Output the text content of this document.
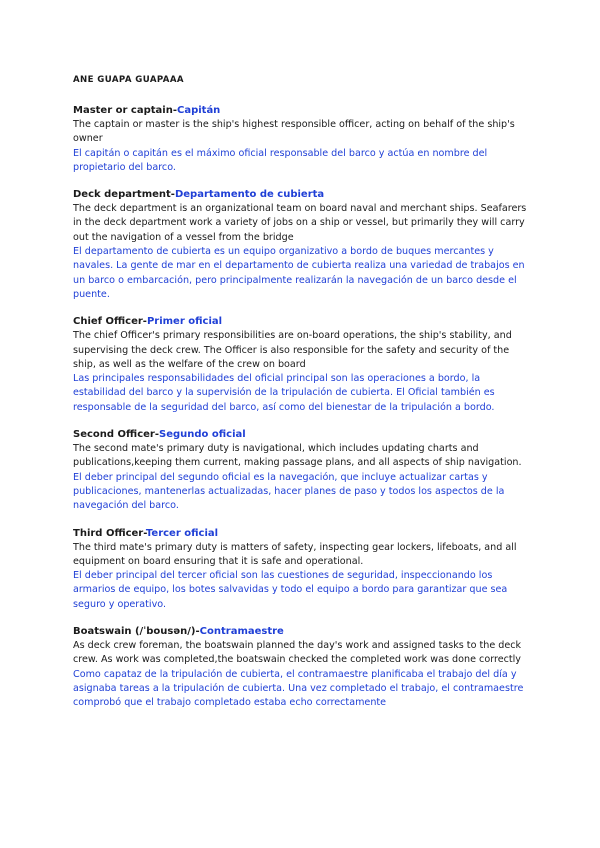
ANE GUAPA GUAPAAA

Master or captain-Capitán

The captain or master is the ship's highest responsible officer, acting on behalf of the ship's owner

El capitán o capitán es el máximo oficial responsable del barco y actúa en nombre del propietario del barco.

Deck department-Departamento de cubierta

The deck department is an organizational team on board naval and merchant ships. Seafarers in the deck department work a variety of jobs on a ship or vessel, but primarily they will carry out the navigation of a vessel from the bridge

El departamento de cubierta es un equipo organizativo a bordo de buques mercantes y navales. La gente de mar en el departamento de cubierta realiza una variedad de trabajos en un barco o embarcación, pero principalmente realizarán la navegación de un barco desde el puente.

Chief Officer-Primer oficial

The chief Officer's primary responsibilities are on-board operations, the ship's stability, and supervising the deck crew. The Officer is also responsible for the safety and security of the ship, as well as the welfare of the crew on board

Las principales responsabilidades del oficial principal son las operaciones a bordo, la estabilidad del barco y la supervisión de la tripulación de cubierta. El Oficial también es responsable de la seguridad del barco, así como del bienestar de la tripulación a bordo.

Second Officer-Segundo oficial

The second mate's primary duty is navigational, which includes updating charts and publications,keeping them current, making passage plans, and all aspects of ship navigation.

El deber principal del segundo oficial es la navegación, que incluye actualizar cartas y publicaciones, mantenerlas actualizadas, hacer planes de paso y todos los aspectos de la navegación del barco.

Third Officer-Tercer oficial

The third mate's primary duty is matters of safety, inspecting gear lockers, lifeboats, and all equipment on board ensuring that it is safe and operational.

El deber principal del tercer oficial son las cuestiones de seguridad, inspeccionando los armarios de equipo, los botes salvavidas y todo el equipo a bordo para garantizar que sea seguro y operativo.

Boatswain (/ˈbousən/)-Contramaestre

As deck crew foreman, the boatswain planned the day's work and assigned tasks to the deck crew. As work was completed,the boatswain checked the completed work was done correctly

Como capataz de la tripulación de cubierta, el contramaestre planificaba el trabajo del día y asignaba tareas a la tripulación de cubierta. Una vez completado el trabajo, el contramaestre comprobó que el trabajo completado estaba echo correctamente
